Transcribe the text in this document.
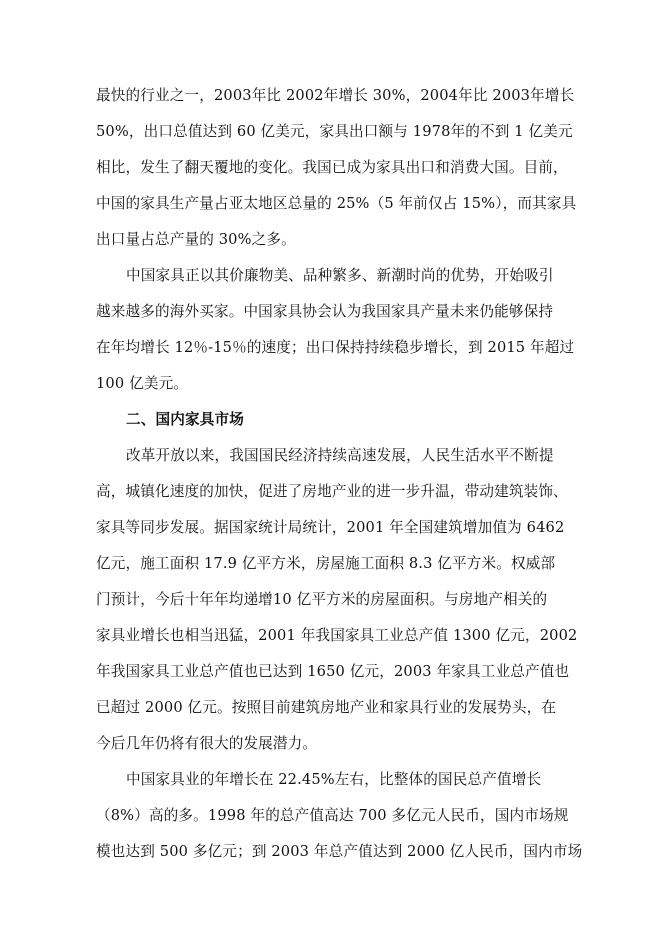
最快的行业之一，2003年比 2002年增长 30%，2004年比 2003年增长
50%，出口总值达到 60 亿美元，家具出口额与 1978年的不到 1 亿美元
相比，发生了翻天覆地的变化。我国已成为家具出口和消费大国。目前，
中国的家具生产量占亚太地区总量的 25%（5 年前仅占 15%），而其家具
出口量占总产量的 30%之多。
中国家具正以其价廉物美、品种繁多、新潮时尚的优势，开始吸引
越来越多的海外买家。中国家具协会认为我国家具产量未来仍能够保持
在年均增长 12％-15％的速度；出口保持持续稳步增长，到 2015 年超过
100 亿美元。
二、国内家具市场
改革开放以来，我国国民经济持续高速发展，人民生活水平不断提
高，城镇化速度的加快，促进了房地产业的进一步升温，带动建筑装饰、
家具等同步发展。据国家统计局统计，2001 年全国建筑增加值为 6462
亿元，施工面积 17.9 亿平方米，房屋施工面积 8.3 亿平方米。权威部
门预计，今后十年年均递增10 亿平方米的房屋面积。与房地产相关的
家具业增长也相当迅猛，2001 年我国家具工业总产值 1300 亿元，2002
年我国家具工业总产值也已达到 1650 亿元，2003 年家具工业总产值也
已超过 2000 亿元。按照目前建筑房地产业和家具行业的发展势头，在
今后几年仍将有很大的发展潜力。
中国家具业的年增长在 22.45%左右，比整体的国民总产值增长
（8%）高的多。1998 年的总产值高达 700 多亿元人民币，国内市场规
模也达到 500 多亿元；到 2003 年总产值达到 2000 亿人民币，国内市场
